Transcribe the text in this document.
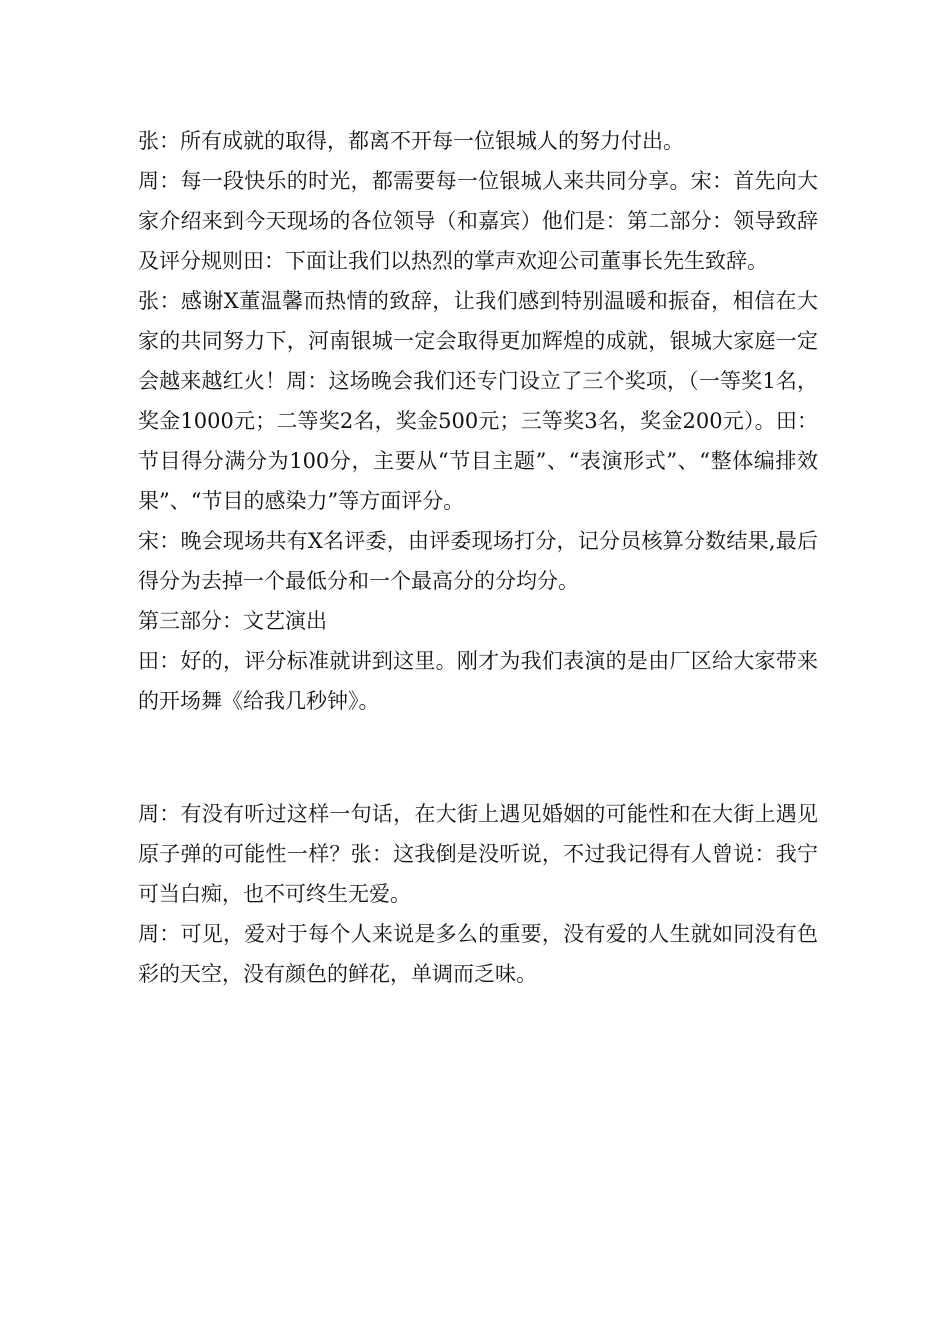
张：所有成就的取得，都离不开每一位银城人的努力付出。

周：每一段快乐的时光，都需要每一位银城人来共同分享。宋：首先向大家介绍来到今天现场的各位领导（和嘉宾）他们是：第二部分：领导致辞及评分规则田：下面让我们以热烈的掌声欢迎公司董事长先生致辞。

张：感谢X董温馨而热情的致辞，让我们感到特别温暖和振奋，相信在大家的共同努力下，河南银城一定会取得更加辉煌的成就，银城大家庭一定会越来越红火！周：这场晚会我们还专门设立了三个奖项，（一等奖1名，奖金1000元；二等奖2名，奖金500元；三等奖3名，奖金200元）。田：节目得分满分为100分，主要从“节目主题”、“表演形式”、“整体编排效果”、“节目的感染力”等方面评分。

宋：晚会现场共有X名评委，由评委现场打分，记分员核算分数结果,最后得分为去掉一个最低分和一个最高分的分均分。

第三部分：文艺演出

田：好的，评分标准就讲到这里。刚才为我们表演的是由厂区给大家带来的开场舞《给我几秒钟》。

周：有没有听过这样一句话，在大街上遇见婚姻的可能性和在大街上遇见原子弹的可能性一样？张：这我倒是没听说，不过我记得有人曾说：我宁可当白痴，也不可终生无爱。

周：可见，爱对于每个人来说是多么的重要，没有爱的人生就如同没有色彩的天空，没有颜色的鲜花，单调而乏味。
